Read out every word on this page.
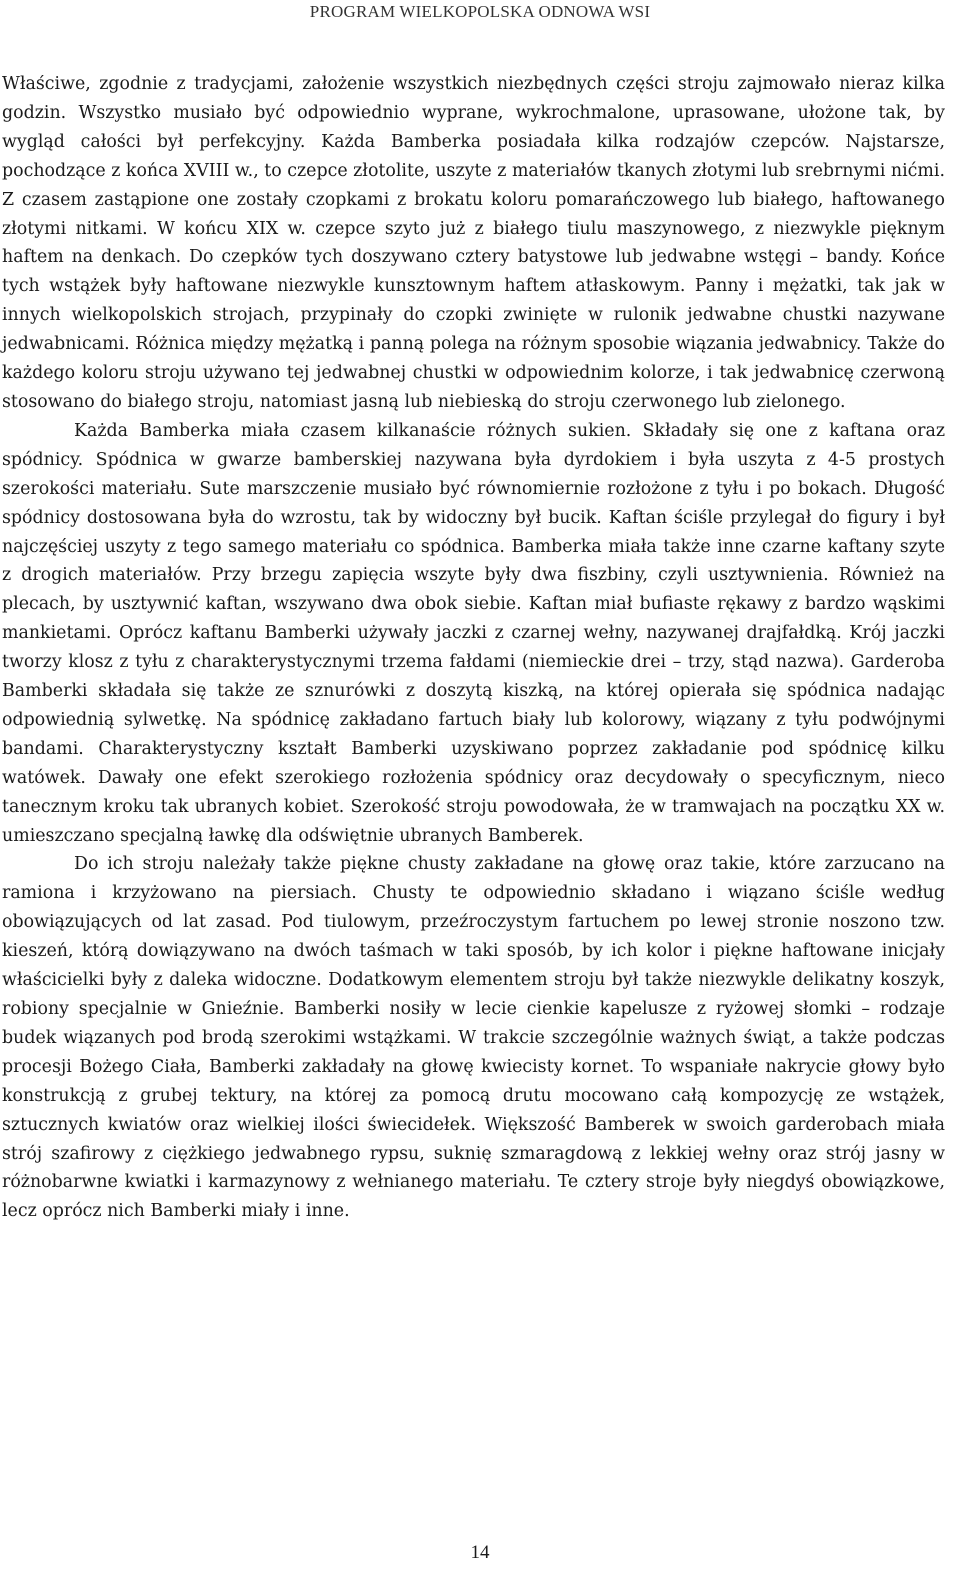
PROGRAM WIELKOPOLSKA ODNOWA WSI

Właściwe, zgodnie z tradycjami, założenie wszystkich niezbędnych części stroju zajmowało nieraz kilka godzin. Wszystko musiało być odpowiednio wyprane, wykrochmalone, uprasowane, ułożone tak, by wygląd całości był perfekcyjny. Każda Bamberka posiadała kilka rodzajów czepców. Najstarsze, pochodzące z końca XVIII w., to czepce złotolite, uszyte z materiałów tkanych złotymi lub srebrnymi nićmi. Z czasem zastąpione one zostały czopkami z brokatu koloru pomarańczowego lub białego, haftowanego złotymi nitkami. W końcu XIX w. czepce szyto już z białego tiulu maszynowego, z niezwykle pięknym haftem na denkach. Do czepków tych doszywano cztery batystowe lub jedwabne wstęgi – bandy. Końce tych wstążek były haftowane niezwykle kunsztownym haftem atłaskowym. Panny i mężatki, tak jak w innych wielkopolskich strojach, przypinały do czopki zwinięte w rulonik jedwabne chustki nazywane jedwabnicami. Różnica między mężatką i panną polega na różnym sposobie wiązania jedwabnicy. Także do każdego koloru stroju używano tej jedwabnej chustki w odpowiednim kolorze, i tak jedwabnicę czerwoną stosowano do białego stroju, natomiast jasną lub niebieską do stroju czerwonego lub zielonego.

Każda Bamberka miała czasem kilkanaście różnych sukien. Składały się one z kaftana oraz spódnicy. Spódnica w gwarze bamberskiej nazywana była dyrdokiem i była uszyta z 4-5 prostych szerokości materiału. Sute marszczenie musiało być równomiernie rozłożone z tyłu i po bokach. Długość spódnicy dostosowana była do wzrostu, tak by widoczny był bucik. Kaftan ściśle przylegał do figury i był najczęściej uszyty z tego samego materiału co spódnica. Bamberka miała także inne czarne kaftany szyte z drogich materiałów. Przy brzegu zapięcia wszyte były dwa fiszbiny, czyli usztywnienia. Również na plecach, by usztywnić kaftan, wszywano dwa obok siebie. Kaftan miał bufiaste rękawy z bardzo wąskimi mankietami. Oprócz kaftanu Bamberki używały jaczki z czarnej wełny, nazywanej drajfałdką. Krój jaczki tworzy klosz z tyłu z charakterystycznymi trzema fałdami (niemieckie drei – trzy, stąd nazwa). Garderoba Bamberki składała się także ze sznurówki z doszytą kiszką, na której opierała się spódnica nadając odpowiednią sylwetkę. Na spódnicę zakładano fartuch biały lub kolorowy, wiązany z tyłu podwójnymi bandami. Charakterystyczny kształt Bamberki uzyskiwano poprzez zakładanie pod spódnicę kilku watówek. Dawały one efekt szerokiego rozłożenia spódnicy oraz decydowały o specyficznym, nieco tanecznym kroku tak ubranych kobiet. Szerokość stroju powodowała, że w tramwajach na początku XX w. umieszczano specjalną ławkę dla odświętnie ubranych Bamberek.

Do ich stroju należały także piękne chusty zakładane na głowę oraz takie, które zarzucano na ramiona i krzyżowano na piersiach. Chusty te odpowiednio składano i wiązano ściśle według obowiązujących od lat zasad. Pod tiulowym, przeźroczystym fartuchem po lewej stronie noszono tzw. kieszeń, którą dowiązywano na dwóch taśmach w taki sposób, by ich kolor i piękne haftowane inicjały właścicielki były z daleka widoczne. Dodatkowym elementem stroju był także niezwykle delikatny koszyk, robiony specjalnie w Gnieźnie. Bamberki nosiły w lecie cienkie kapelusze z ryżowej słomki – rodzaje budek wiązanych pod brodą szerokimi wstążkami. W trakcie szczególnie ważnych świąt, a także podczas procesji Bożego Ciała, Bamberki zakładały na głowę kwiecisty kornet. To wspaniałe nakrycie głowy było konstrukcją z grubej tektury, na której za pomocą drutu mocowano całą kompozycję ze wstążek, sztucznych kwiatów oraz wielkiej ilości świecidełek. Większość Bamberek w swoich garderobach miała strój szafirowy z ciężkiego jedwabnego rypsu, suknię szmaragdową z lekkiej wełny oraz strój jasny w różnobarwne kwiatki i karmazynowy z wełnianego materiału. Te cztery stroje były niegdyś obowiązkowe, lecz oprócz nich Bamberki miały i inne.

14
